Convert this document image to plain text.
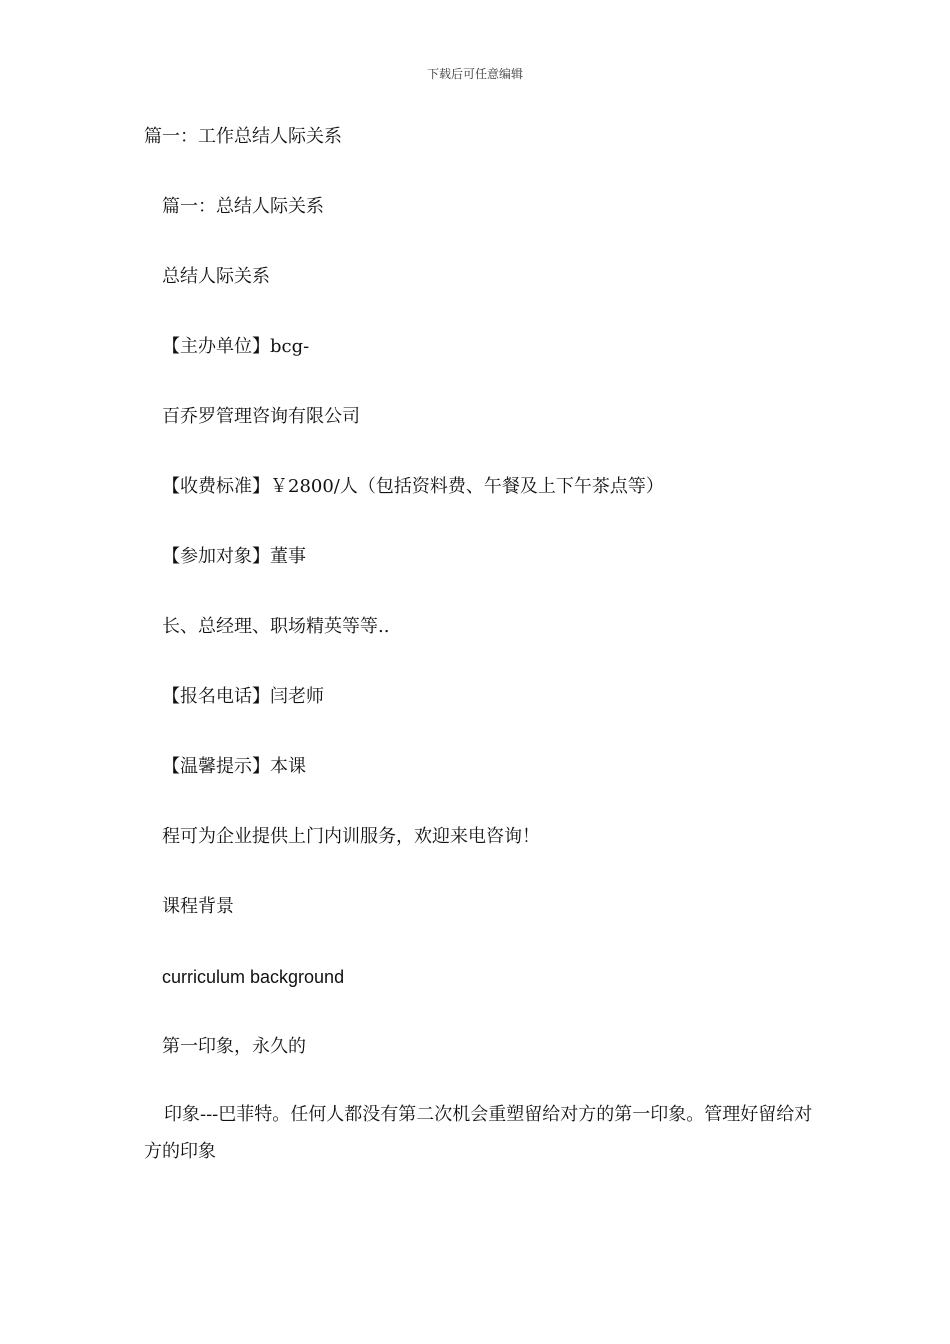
下载后可任意编辑
篇一：工作总结人际关系
篇一：总结人际关系
总结人际关系
【主办单位】bcg-
百乔罗管理咨询有限公司
【收费标准】￥2800/人（包括资料费、午餐及上下午茶点等）
【参加对象】董事
长、总经理、职场精英等等..
【报名电话】闫老师
【温馨提示】本课
程可为企业提供上门内训服务，欢迎来电咨询！
课程背景
curriculum background
第一印象，永久的
印象---巴菲特。任何人都没有第二次机会重塑留给对方的第一印象。管理好留给对方的印象
